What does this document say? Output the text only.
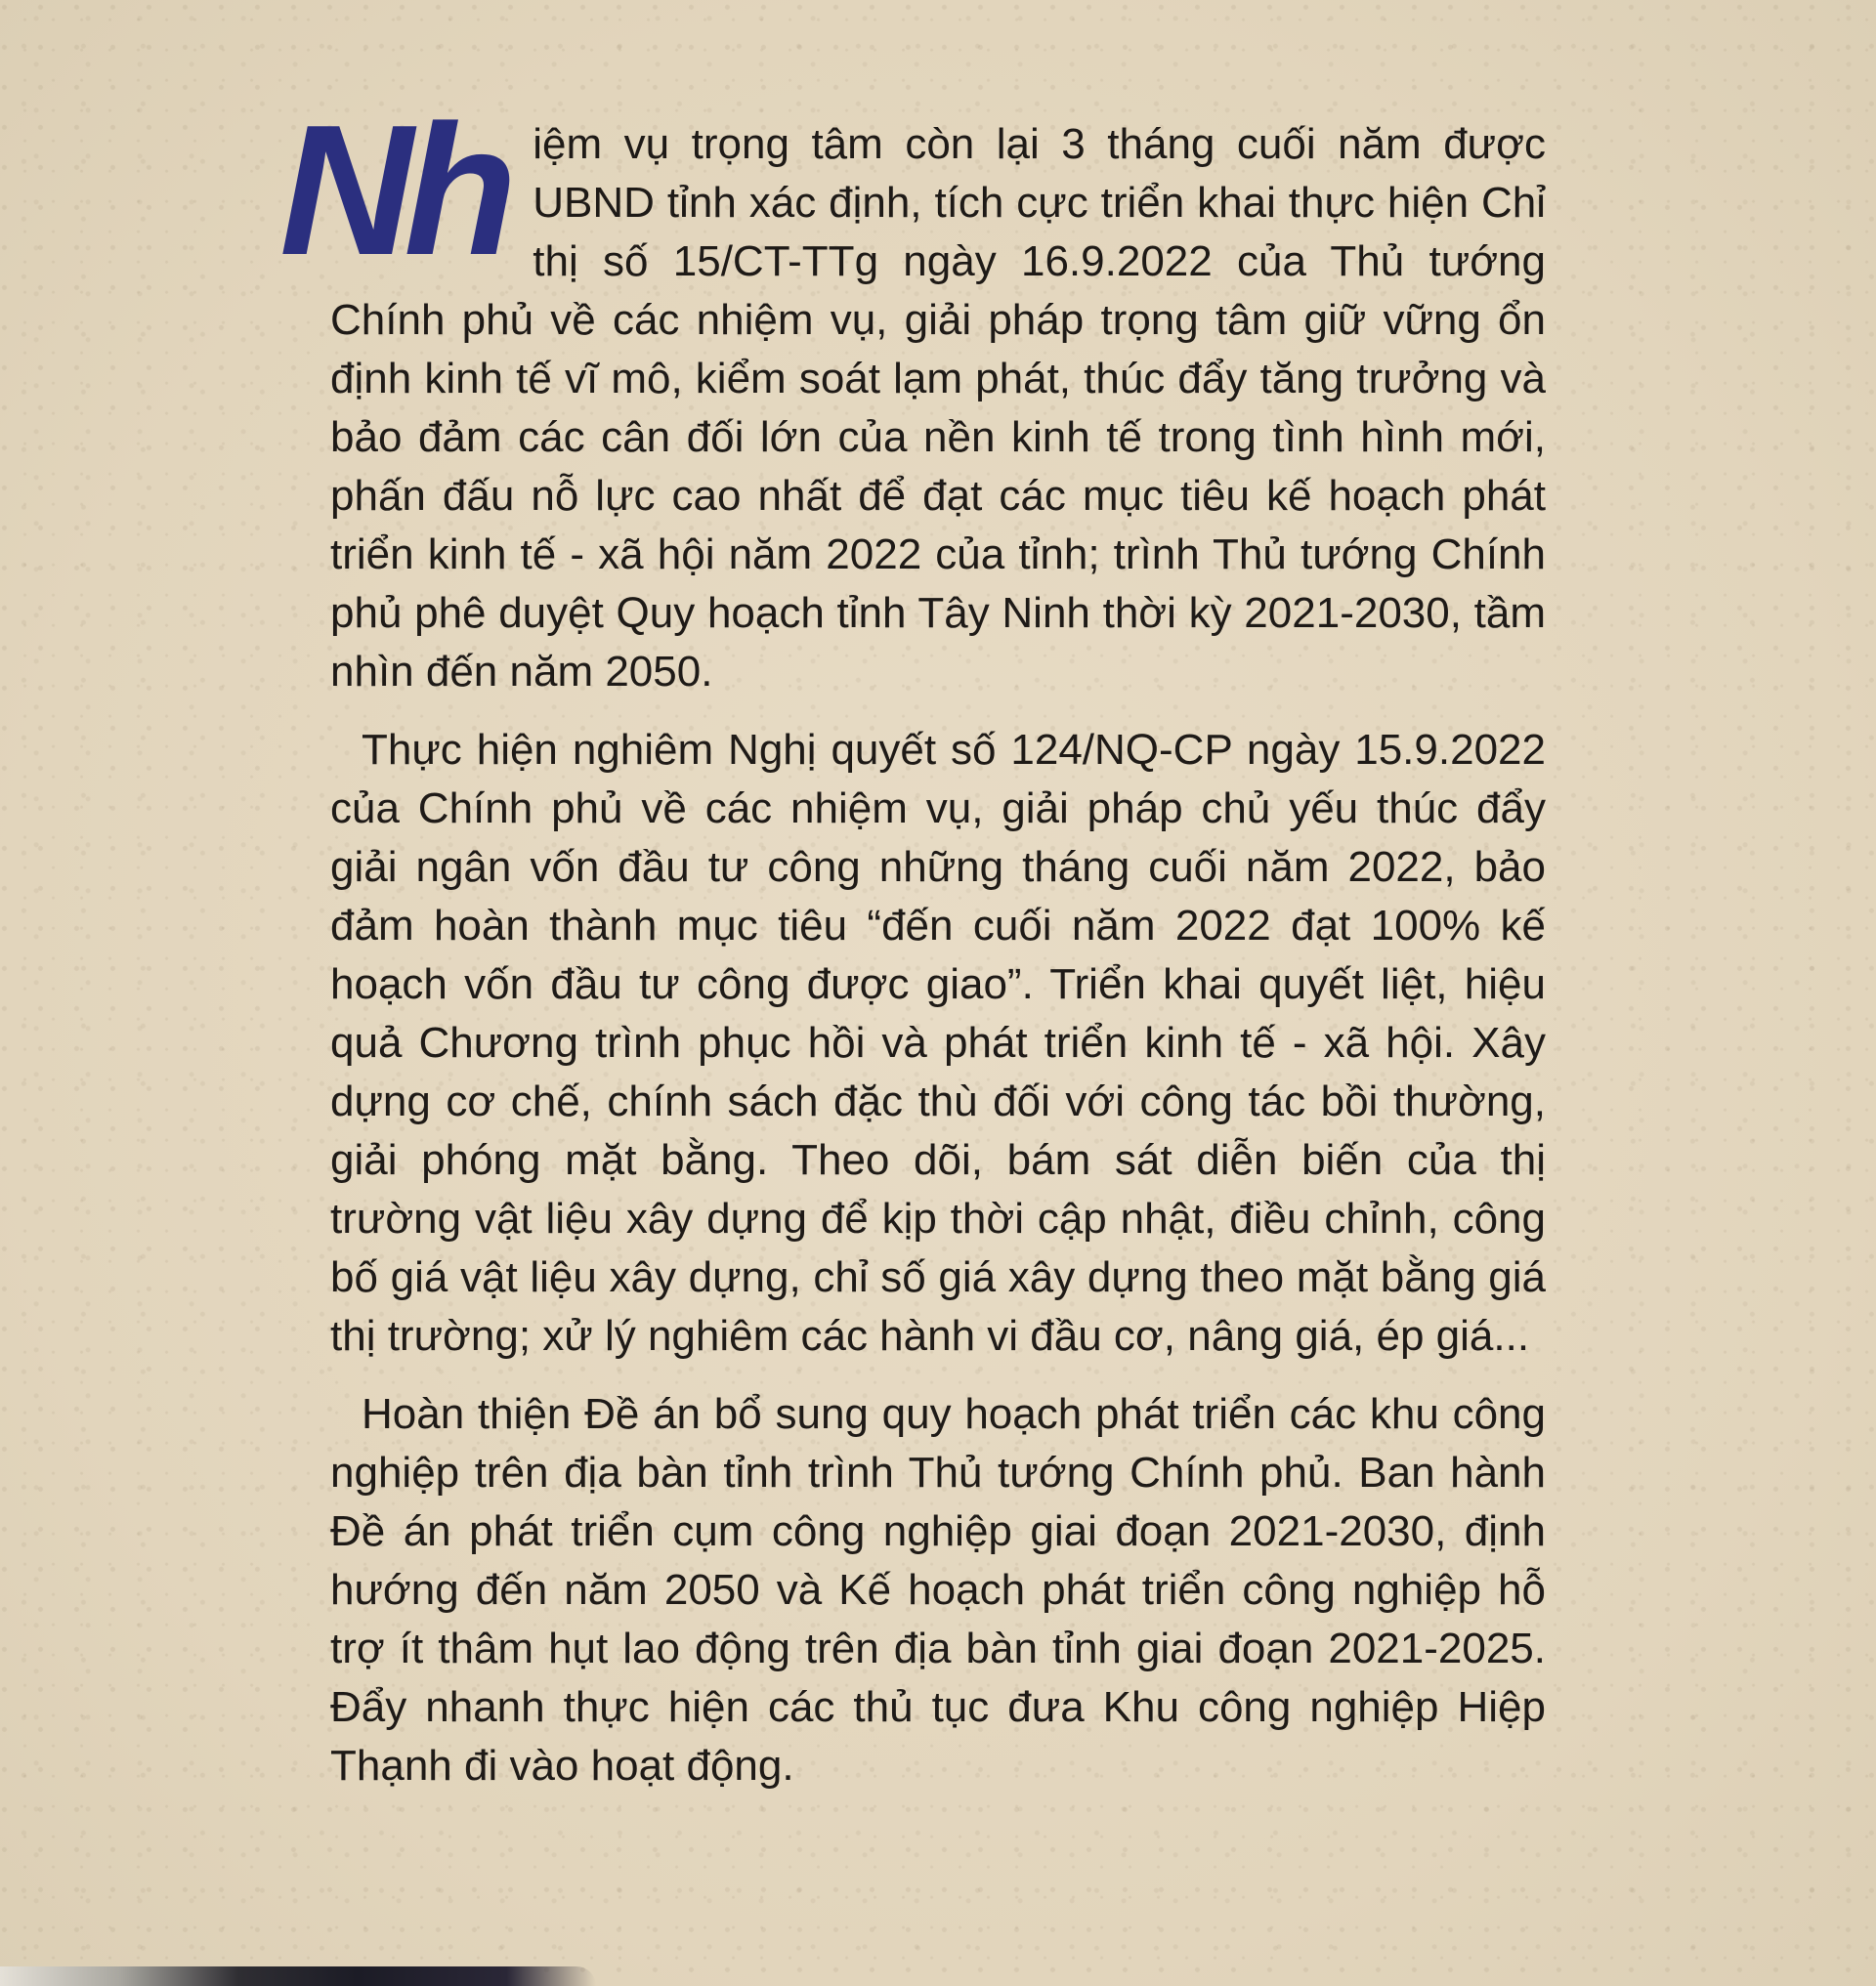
Nh iệm vụ trọng tâm còn lại 3 tháng cuối năm được UBND tỉnh xác định, tích cực triển khai thực hiện Chỉ thị số 15/CT-TTg ngày 16.9.2022 của Thủ tướng Chính phủ về các nhiệm vụ, giải pháp trọng tâm giữ vững ổn định kinh tế vĩ mô, kiểm soát lạm phát, thúc đẩy tăng trưởng và bảo đảm các cân đối lớn của nền kinh tế trong tình hình mới, phấn đấu nỗ lực cao nhất để đạt các mục tiêu kế hoạch phát triển kinh tế - xã hội năm 2022 của tỉnh; trình Thủ tướng Chính phủ phê duyệt Quy hoạch tỉnh Tây Ninh thời kỳ 2021-2030, tầm nhìn đến năm 2050.

Thực hiện nghiêm Nghị quyết số 124/NQ-CP ngày 15.9.2022 của Chính phủ về các nhiệm vụ, giải pháp chủ yếu thúc đẩy giải ngân vốn đầu tư công những tháng cuối năm 2022, bảo đảm hoàn thành mục tiêu “đến cuối năm 2022 đạt 100% kế hoạch vốn đầu tư công được giao”. Triển khai quyết liệt, hiệu quả Chương trình phục hồi và phát triển kinh tế - xã hội. Xây dựng cơ chế, chính sách đặc thù đối với công tác bồi thường, giải phóng mặt bằng. Theo dõi, bám sát diễn biến của thị trường vật liệu xây dựng để kịp thời cập nhật, điều chỉnh, công bố giá vật liệu xây dựng, chỉ số giá xây dựng theo mặt bằng giá thị trường; xử lý nghiêm các hành vi đầu cơ, nâng giá, ép giá...

Hoàn thiện Đề án bổ sung quy hoạch phát triển các khu công nghiệp trên địa bàn tỉnh trình Thủ tướng Chính phủ. Ban hành Đề án phát triển cụm công nghiệp giai đoạn 2021-2030, định hướng đến năm 2050 và Kế hoạch phát triển công nghiệp hỗ trợ ít thâm hụt lao động trên địa bàn tỉnh giai đoạn 2021-2025. Đẩy nhanh thực hiện các thủ tục đưa Khu công nghiệp Hiệp Thạnh đi vào hoạt động.
